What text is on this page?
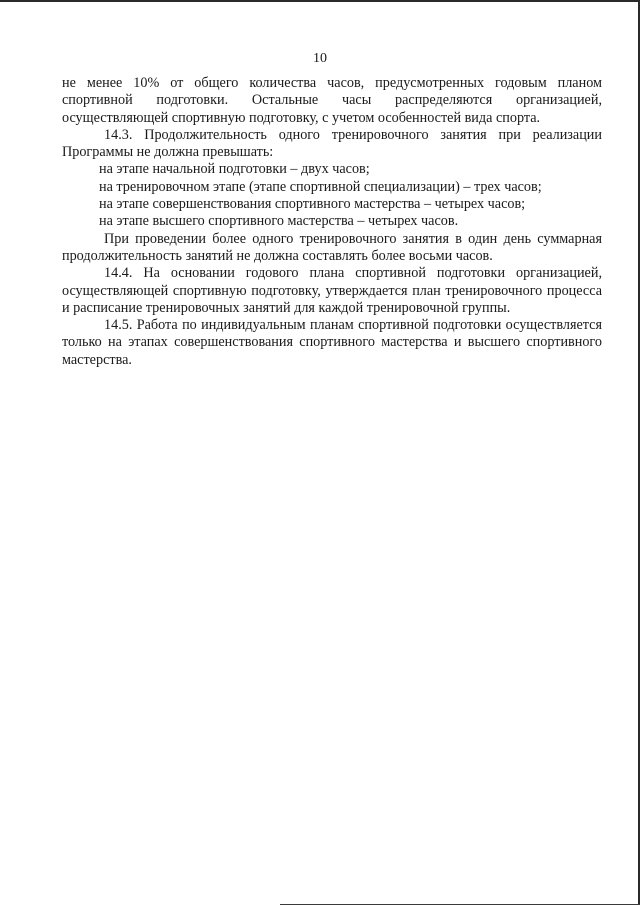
10

не менее 10% от общего количества часов, предусмотренных годовым планом спортивной подготовки. Остальные часы распределяются организацией, осуществляющей спортивную подготовку, с учетом особенностей вида спорта.

14.3. Продолжительность одного тренировочного занятия при реализации Программы не должна превышать:

на этапе начальной подготовки – двух часов;

на тренировочном этапе (этапе спортивной специализации) – трех часов;

на этапе совершенствования спортивного мастерства – четырех часов;

на этапе высшего спортивного мастерства – четырех часов.

При проведении более одного тренировочного занятия в один день суммарная продолжительность занятий не должна составлять более восьми часов.

14.4. На основании годового плана спортивной подготовки организацией, осуществляющей спортивную подготовку, утверждается план тренировочного процесса и расписание тренировочных занятий для каждой тренировочной группы.

14.5. Работа по индивидуальным планам спортивной подготовки осуществляется только на этапах совершенствования спортивного мастерства и высшего спортивного мастерства.
